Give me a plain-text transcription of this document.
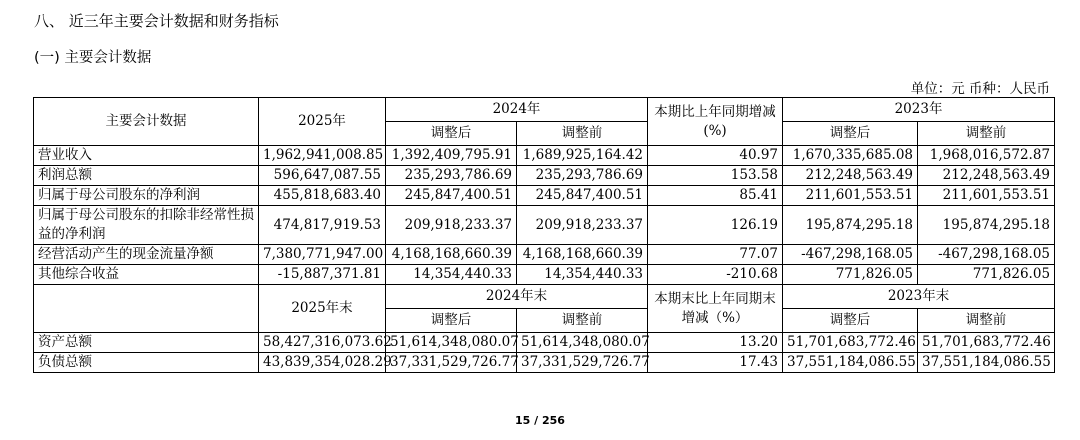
八、 近三年主要会计数据和财务指标
(一) 主要会计数据
单位：元 币种：人民币
主要会计数据	2025年	2024年		本期比上年同期增减(%)	2023年	
		调整后	调整前		调整后	调整前
营业收入	1,962,941,008.85	1,392,409,795.91	1,689,925,164.42	40.97	1,670,335,685.08	1,968,016,572.87
利润总额	596,647,087.55	235,293,786.69	235,293,786.69	153.58	212,248,563.49	212,248,563.49
归属于母公司股东的净利润	455,818,683.40	245,847,400.51	245,847,400.51	85.41	211,601,553.51	211,601,553.51
归属于母公司股东的扣除非经常性损益的净利润	474,817,919.53	209,918,233.37	209,918,233.37	126.19	195,874,295.18	195,874,295.18
经营活动产生的现金流量净额	7,380,771,947.00	4,168,168,660.39	4,168,168,660.39	77.07	-467,298,168.05	-467,298,168.05
其他综合收益	-15,887,371.81	14,354,440.33	14,354,440.33	-210.68	771,826.05	771,826.05
	2025年末	2024年末		本期末比上年同期末增减（%）	2023年末	
		调整后	调整前		调整后	调整前
资产总额	58,427,316,073.62	51,614,348,080.07	51,614,348,080.07	13.20	51,701,683,772.46	51,701,683,772.46
负债总额	43,839,354,028.29	37,331,529,726.77	37,331,529,726.77	17.43	37,551,184,086.55	37,551,184,086.55
15 / 256
